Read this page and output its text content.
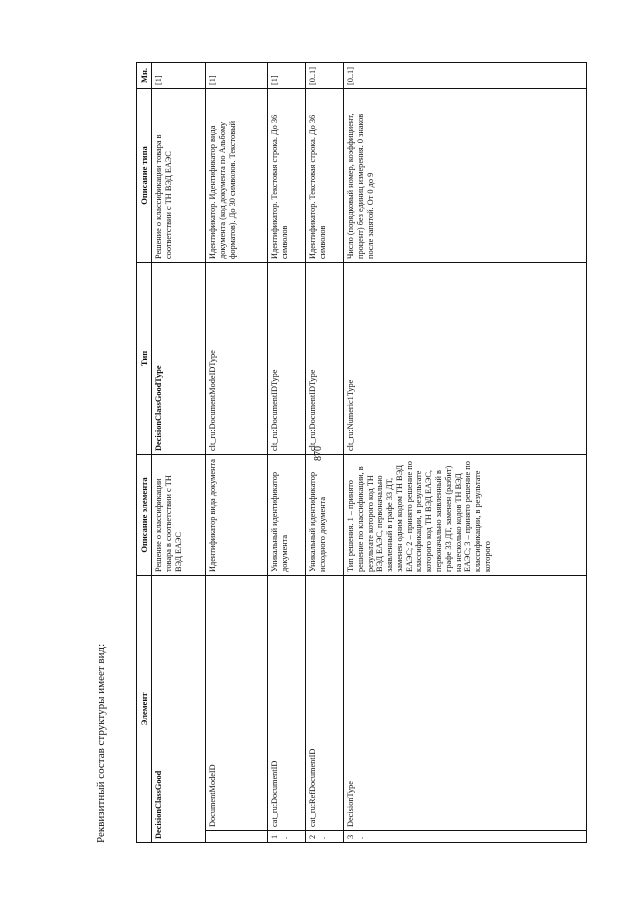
870
Реквизитный состав структуры имеет вид:	Элемент		Описание элемента	Тип	Описание типа	Мн.
DecisionClassGood		Решение о классификации товара в соответствии с ТН ВЭД ЕАЭС	DecisionClassGoodType	Решение о классификации товара в соответствии с ТН ВЭД ЕАЭС	[1]
	DocumentModeID	Идентификатор вида документа	clt_ru:DocumentModeIDType	Идентификатор. Идентификатор вида документа (код документа по Альбому форматов). До 30 символов. Текстовый	[1]
1.	cat_ru:DocumentID	Уникальный идентификатор документа	clt_ru:DocumentIDType	Идентификатор. Текстовая строка. До 36 символов	[1]
2.	cat_ru:RefDocumentID	Уникальный идентификатор исходного документа	clt_ru:DocumentIDType	Идентификатор. Текстовая строка. До 36 символов	[0..1]
3.	DecisionType	Тип решения. 1 – принято решение по классификации, в результате которого код ТН ВЭД ЕАЭС, первоначально заявленный в графе 33 ДТ, заменен одним кодом ТН ВЭД ЕАЭС; 2 – принято решение по классификации, в результате которого код ТН ВЭД ЕАЭС, первоначально заявленный в графе 33 ДТ, заменен (разбит) на несколько кодов ТН ВЭД ЕАЭС; 3 – принято решение по классификации, в результате которого	clt_ru:Numeric1Type	Число (порядковый номер, коэффициент, процент) без единиц измерения. 0 знаков после запятой. От 0 до 9	[0..1]
